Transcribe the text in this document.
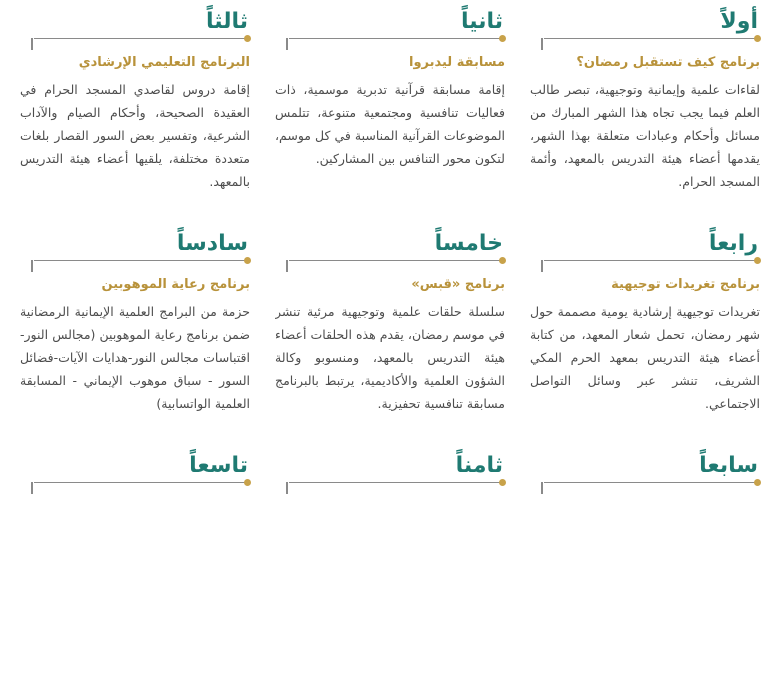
أولاً
برنامج كيف تستقبل رمضان؟

لقاءات علمية وإيمانية وتوجيهية، تبصر طالب العلم فيما يجب تجاه هذا الشهر المبارك من مسائل وأحكام وعبادات متعلقة بهذا الشهر، يقدمها أعضاء هيئة التدريس بالمعهد، وأئمة المسجد الحرام.

ثانياً
مسابقة ليدبروا

إقامة مسابقة قرآنية تدبرية موسمية، ذات فعاليات تنافسية ومجتمعية متنوعة، تتلمس الموضوعات القرآنية المناسبة في كل موسم، لتكون محور التنافس بين المشاركين.

ثالثاً
البرنامج التعليمي الإرشادي

إقامة دروس لقاصدي المسجد الحرام في العقيدة الصحيحة، وأحكام الصيام والآداب الشرعية، وتفسير بعض السور القصار بلغات متعددة مختلفة، يلقيها أعضاء هيئة التدريس بالمعهد.

رابعاً
برنامج تغريدات توجيهية

تغريدات توجيهية إرشادية يومية مصممة حول شهر رمضان، تحمل شعار المعهد، من كتابة أعضاء هيئة التدريس بمعهد الحرم المكي الشريف، تنشر عبر وسائل التواصل الاجتماعي.

خامساً
برنامج «قبس»

سلسلة حلقات علمية وتوجيهية مرئية تنشر في موسم رمضان، يقدم هذه الحلقات أعضاء هيئة التدريس بالمعهد، ومنسوبو وكالة الشؤون العلمية والأكاديمية، يرتبط بالبرنامج مسابقة تنافسية تحفيزية.

سادساً
برنامج رعاية الموهوبين

حزمة من البرامج العلمية الإيمانية الرمضانية ضمن برنامج رعاية الموهوبين (مجالس النور-اقتباسات مجالس النور-هدايات الآيات-فضائل السور - سباق موهوب الإيماني - المسابقة العلمية الواتسابية)

سابعاً
ثامناً
تاسعاً
